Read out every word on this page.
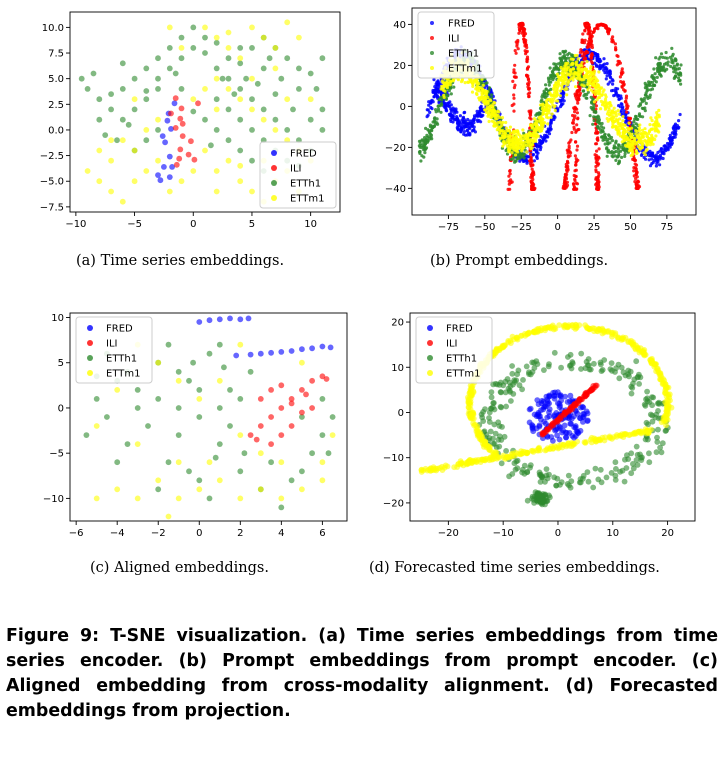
−10	−5	0	5	10
−7.5
−5.0
−2.5
0.0
2.5
5.0
7.5
10.0
FRED
ILI
ETTh1
ETTm1
(a) Time series embeddings.
−75 −50 −25 0	25 50 75
−40
−20
0
20
40	FRED
ILI
ETTh1
ETTm1
(b) Prompt embeddings.
−6	−4	−2	0	2	4	6
−10
−5
0
5
10
FRED
ILI
ETTh1
ETTm1
(c) Aligned embeddings.
−20	−10	0	10	20
−20
−10
0
10
20
FRED
ILI
ETTh1
ETTm1
(d) Forecasted time series embeddings.
Figure 9: T-SNE visualization. (a) Time series embeddings from time series encoder. (b) Prompt embeddings from prompt encoder. (c) Aligned embedding from cross-modality alignment. (d) Forecasted embeddings from projection.
